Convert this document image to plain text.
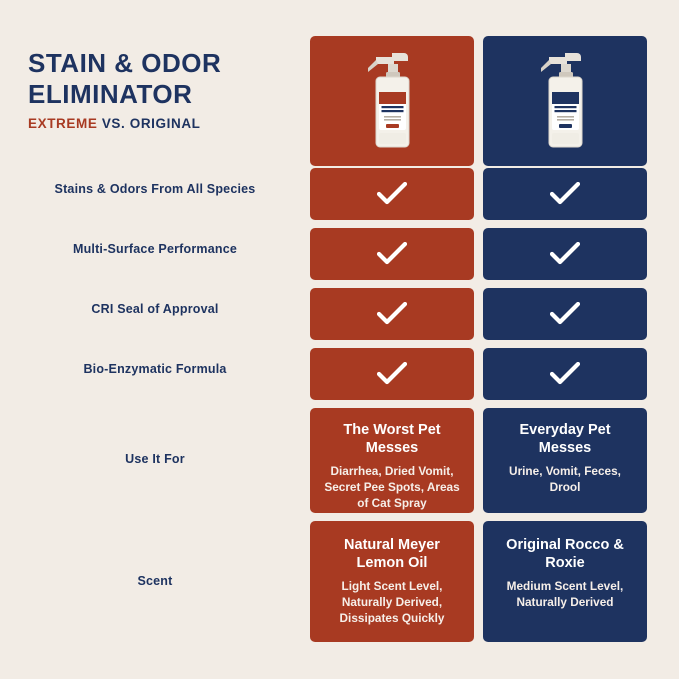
STAIN & ODOR
ELIMINATOR
EXTREME VS. ORIGINAL
Stains & Odors From All Species
Multi-Surface Performance
CRI Seal of Approval
Bio-Enzymatic Formula
Use It For
The Worst Pet Messes
Diarrhea, Dried Vomit, Secret Pee Spots, Areas of Cat Spray
Everyday Pet Messes
Urine, Vomit, Feces, Drool
Scent
Natural Meyer Lemon Oil
Light Scent Level, Naturally Derived, Dissipates Quickly
Original Rocco & Roxie
Medium Scent Level, Naturally Derived
